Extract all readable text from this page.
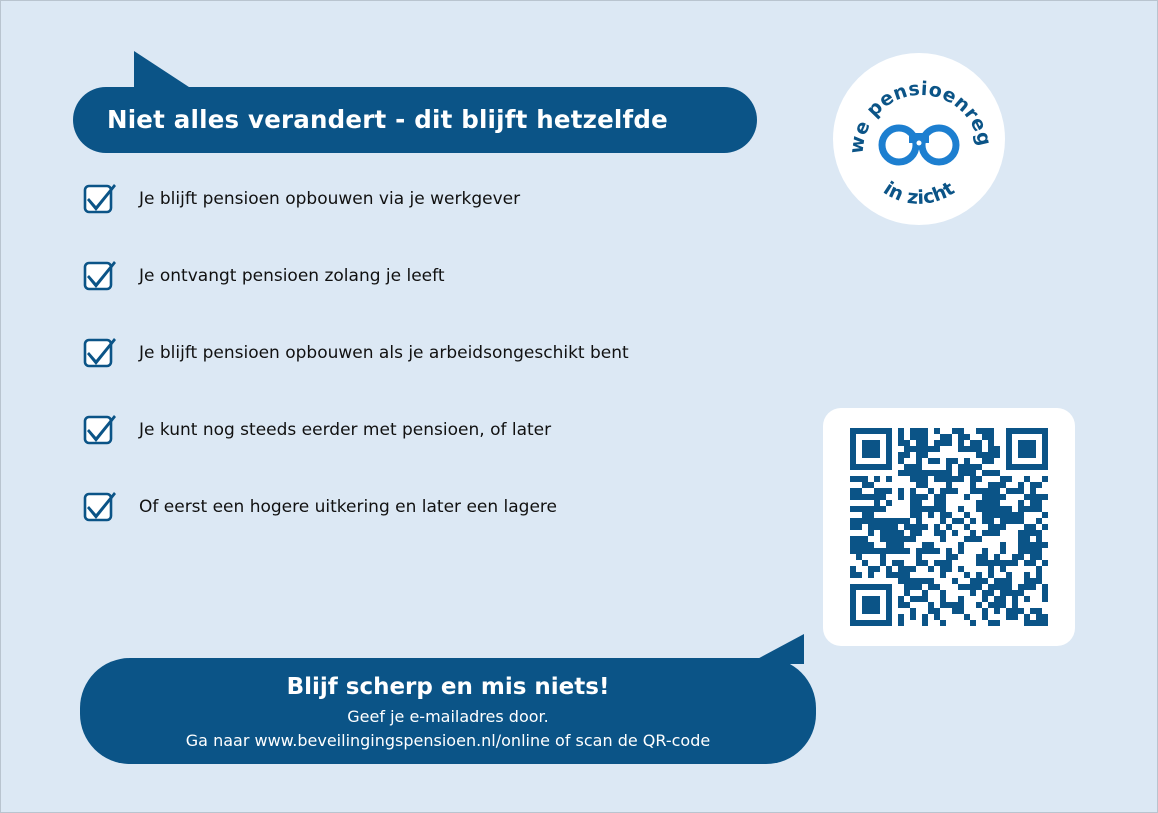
Niet alles verandert - dit blijft hetzelfde
Je blijft pensioen opbouwen via je werkgever
Je ontvangt pensioen zolang je leeft
Je blijft pensioen opbouwen als je arbeidsongeschikt bent
Je kunt nog steeds eerder met pensioen, of later
Of eerst een hogere uitkering en later een lagere
we pensioenreg
in zicht
Blijf scherp en mis niets!
Geef je e-mailadres door.
Ga naar www.beveilingingspensioen.nl/online of scan de QR-code
